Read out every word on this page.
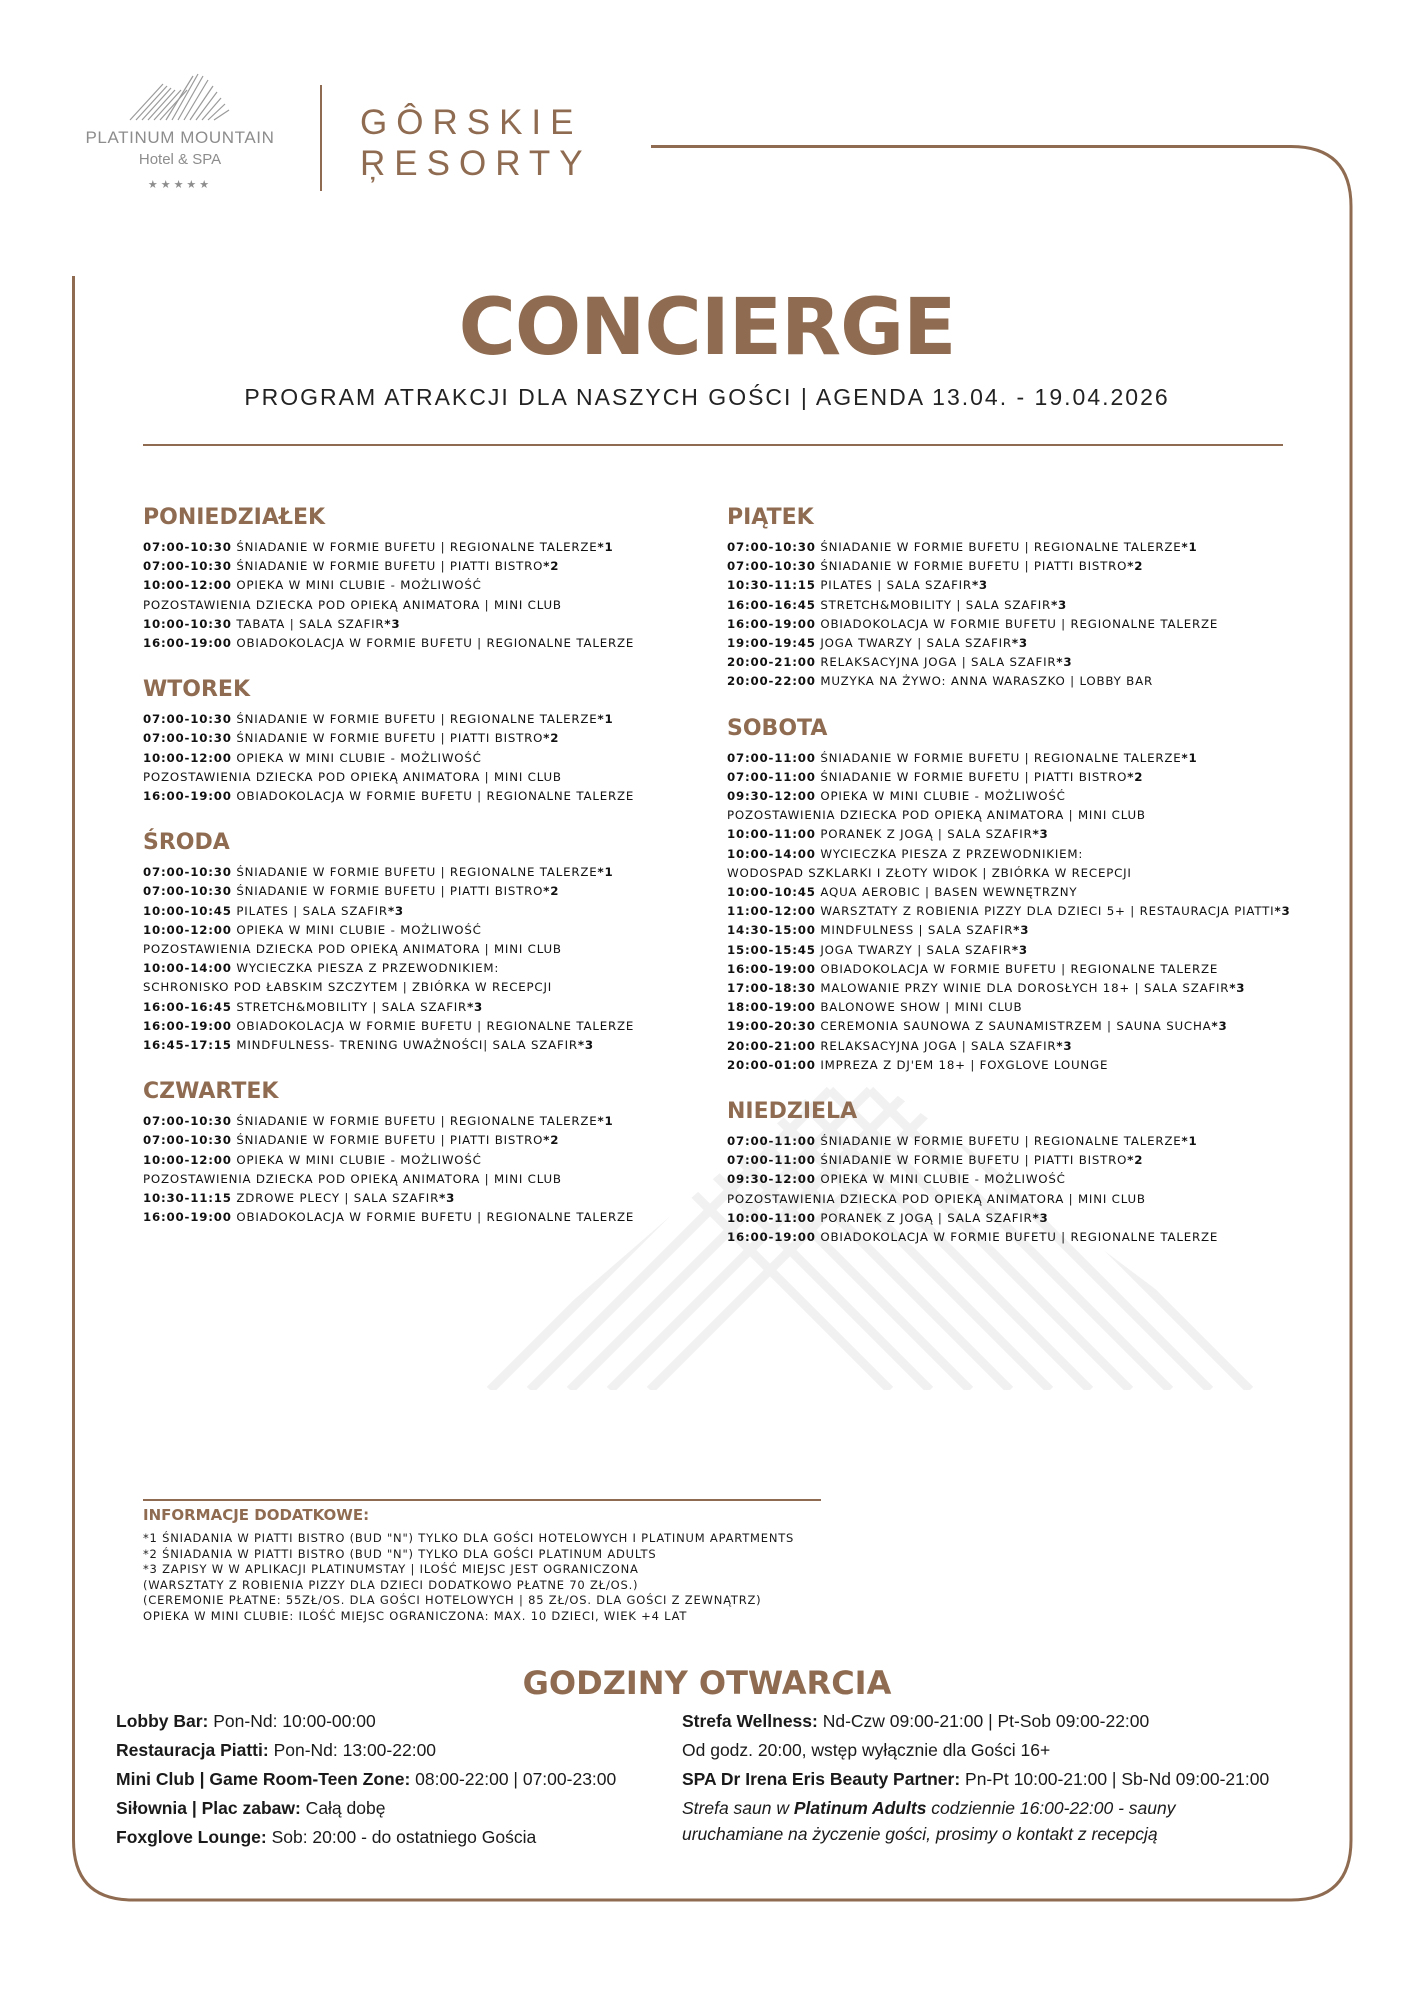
PLATINUM MOUNTAIN
Hotel & SPA
★★★★★
GÔRSKIE
ŖESORTY
CONCIERGE
PROGRAM ATRAKCJI DLA NASZYCH GOŚCI | AGENDA 13.04. - 19.04.2026
PONIEDZIAŁEK
07:00-10:30 ŚNIADANIE W FORMIE BUFETU | REGIONALNE TALERZE*1
07:00-10:30 ŚNIADANIE W FORMIE BUFETU | PIATTI BISTRO*2
10:00-12:00 OPIEKA W MINI CLUBIE - MOŻLIWOŚĆ
POZOSTAWIENIA DZIECKA POD OPIEKĄ ANIMATORA | MINI CLUB
10:00-10:30 TABATA | SALA SZAFIR*3
16:00-19:00 OBIADOKOLACJA W FORMIE BUFETU | REGIONALNE TALERZE
WTOREK
07:00-10:30 ŚNIADANIE W FORMIE BUFETU | REGIONALNE TALERZE*1
07:00-10:30 ŚNIADANIE W FORMIE BUFETU | PIATTI BISTRO*2
10:00-12:00 OPIEKA W MINI CLUBIE - MOŻLIWOŚĆ
POZOSTAWIENIA DZIECKA POD OPIEKĄ ANIMATORA | MINI CLUB
16:00-19:00 OBIADOKOLACJA W FORMIE BUFETU | REGIONALNE TALERZE
ŚRODA
07:00-10:30 ŚNIADANIE W FORMIE BUFETU | REGIONALNE TALERZE*1
07:00-10:30 ŚNIADANIE W FORMIE BUFETU | PIATTI BISTRO*2
10:00-10:45 PILATES | SALA SZAFIR*3
10:00-12:00 OPIEKA W MINI CLUBIE - MOŻLIWOŚĆ
POZOSTAWIENIA DZIECKA POD OPIEKĄ ANIMATORA | MINI CLUB
10:00-14:00 WYCIECZKA PIESZA Z PRZEWODNIKIEM:
SCHRONISKO POD ŁABSKIM SZCZYTEM | ZBIÓRKA W RECEPCJI
16:00-16:45 STRETCH&MOBILITY | SALA SZAFIR*3
16:00-19:00 OBIADOKOLACJA W FORMIE BUFETU | REGIONALNE TALERZE
16:45-17:15 MINDFULNESS- TRENING UWAŻNOŚCI| SALA SZAFIR*3
CZWARTEK
07:00-10:30 ŚNIADANIE W FORMIE BUFETU | REGIONALNE TALERZE*1
07:00-10:30 ŚNIADANIE W FORMIE BUFETU | PIATTI BISTRO*2
10:00-12:00 OPIEKA W MINI CLUBIE - MOŻLIWOŚĆ
POZOSTAWIENIA DZIECKA POD OPIEKĄ ANIMATORA | MINI CLUB
10:30-11:15 ZDROWE PLECY | SALA SZAFIR*3
16:00-19:00 OBIADOKOLACJA W FORMIE BUFETU | REGIONALNE TALERZE
PIĄTEK
07:00-10:30 ŚNIADANIE W FORMIE BUFETU | REGIONALNE TALERZE*1
07:00-10:30 ŚNIADANIE W FORMIE BUFETU | PIATTI BISTRO*2
10:30-11:15 PILATES | SALA SZAFIR*3
16:00-16:45 STRETCH&MOBILITY | SALA SZAFIR*3
16:00-19:00 OBIADOKOLACJA W FORMIE BUFETU | REGIONALNE TALERZE
19:00-19:45 JOGA TWARZY | SALA SZAFIR*3
20:00-21:00 RELAKSACYJNA JOGA | SALA SZAFIR*3
20:00-22:00 MUZYKA NA ŻYWO: ANNA WARASZKO | LOBBY BAR
SOBOTA
07:00-11:00 ŚNIADANIE W FORMIE BUFETU | REGIONALNE TALERZE*1
07:00-11:00 ŚNIADANIE W FORMIE BUFETU | PIATTI BISTRO*2
09:30-12:00 OPIEKA W MINI CLUBIE - MOŻLIWOŚĆ
POZOSTAWIENIA DZIECKA POD OPIEKĄ ANIMATORA | MINI CLUB
10:00-11:00 PORANEK Z JOGĄ | SALA SZAFIR*3
10:00-14:00 WYCIECZKA PIESZA Z PRZEWODNIKIEM:
WODOSPAD SZKLARKI I ZŁOTY WIDOK | ZBIÓRKA W RECEPCJI
10:00-10:45 AQUA AEROBIC | BASEN WEWNĘTRZNY
11:00-12:00 WARSZTATY Z ROBIENIA PIZZY DLA DZIECI 5+ | RESTAURACJA PIATTI*3
14:30-15:00 MINDFULNESS | SALA SZAFIR*3
15:00-15:45 JOGA TWARZY | SALA SZAFIR*3
16:00-19:00 OBIADOKOLACJA W FORMIE BUFETU | REGIONALNE TALERZE
17:00-18:30 MALOWANIE PRZY WINIE DLA DOROSŁYCH 18+ | SALA SZAFIR*3
18:00-19:00 BALONOWE SHOW | MINI CLUB
19:00-20:30 CEREMONIA SAUNOWA Z SAUNAMISTRZEM | SAUNA SUCHA*3
20:00-21:00 RELAKSACYJNA JOGA | SALA SZAFIR*3
20:00-01:00 IMPREZA Z DJ'EM 18+ | FOXGLOVE LOUNGE
NIEDZIELA
07:00-11:00 ŚNIADANIE W FORMIE BUFETU | REGIONALNE TALERZE*1
07:00-11:00 ŚNIADANIE W FORMIE BUFETU | PIATTI BISTRO*2
09:30-12:00 OPIEKA W MINI CLUBIE - MOŻLIWOŚĆ
POZOSTAWIENIA DZIECKA POD OPIEKĄ ANIMATORA | MINI CLUB
10:00-11:00 PORANEK Z JOGĄ | SALA SZAFIR*3
16:00-19:00 OBIADOKOLACJA W FORMIE BUFETU | REGIONALNE TALERZE
INFORMACJE DODATKOWE:
*1 ŚNIADANIA W PIATTI BISTRO (BUD "N") TYLKO DLA GOŚCI HOTELOWYCH I PLATINUM APARTMENTS
*2 ŚNIADANIA W PIATTI BISTRO (BUD "N") TYLKO DLA GOŚCI PLATINUM ADULTS
*3 ZAPISY W W APLIKACJI PLATINUMSTAY | ILOŚĆ MIEJSC JEST OGRANICZONA
(WARSZTATY Z ROBIENIA PIZZY DLA DZIECI DODATKOWO PŁATNE 70 ZŁ/OS.)
(CEREMONIE PŁATNE: 55ZŁ/OS. DLA GOŚCI HOTELOWYCH | 85 ZŁ/OS. DLA GOŚCI Z ZEWNĄTRZ)
OPIEKA W MINI CLUBIE: ILOŚĆ MIEJSC OGRANICZONA: MAX. 10 DZIECI, WIEK +4 LAT
GODZINY OTWARCIA
Lobby Bar: Pon-Nd: 10:00-00:00
Restauracja Piatti: Pon-Nd: 13:00-22:00
Mini Club | Game Room-Teen Zone: 08:00-22:00 | 07:00-23:00
Siłownia | Plac zabaw: Całą dobę
Foxglove Lounge: Sob: 20:00 - do ostatniego Gościa
Strefa Wellness: Nd-Czw 09:00-21:00 | Pt-Sob 09:00-22:00
Od godz. 20:00, wstęp wyłącznie dla Gości 16+
SPA Dr Irena Eris Beauty Partner: Pn-Pt 10:00-21:00 | Sb-Nd 09:00-21:00
Strefa saun w Platinum Adults codziennie 16:00-22:00 - sauny
uruchamiane na życzenie gości, prosimy o kontakt z recepcją
